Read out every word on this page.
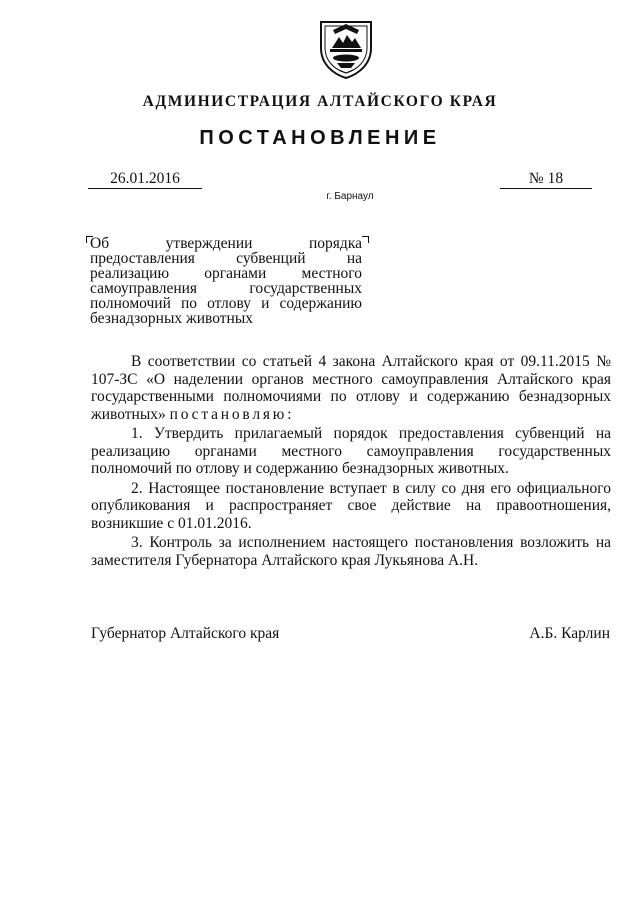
АДМИНИСТРАЦИЯ АЛТАЙСКОГО КРАЯ
ПОСТАНОВЛЕНИЕ
26.01.2016	№ 18
г. Барнаул
Об утверждении порядка предоставления субвенций на реализацию органами местного самоуправления государственных полномочий по отлову и содержанию безнадзорных животных

В соответствии со статьей 4 закона Алтайского края от 09.11.2015 № 107-ЗС «О наделении органов местного самоуправления Алтайского края государственными полномочиями по отлову и содержанию безнадзорных животных» постановляю:

1. Утвердить прилагаемый порядок предоставления субвенций на реализацию органами местного самоуправления государственных полномочий по отлову и содержанию безнадзорных животных.

2. Настоящее постановление вступает в силу со дня его официального опубликования и распространяет свое действие на правоотношения, возникшие с 01.01.2016.

3. Контроль за исполнением настоящего постановления возложить на заместителя Губернатора Алтайского края Лукьянова А.Н.

Губернатор Алтайского края	А.Б. Карлин
